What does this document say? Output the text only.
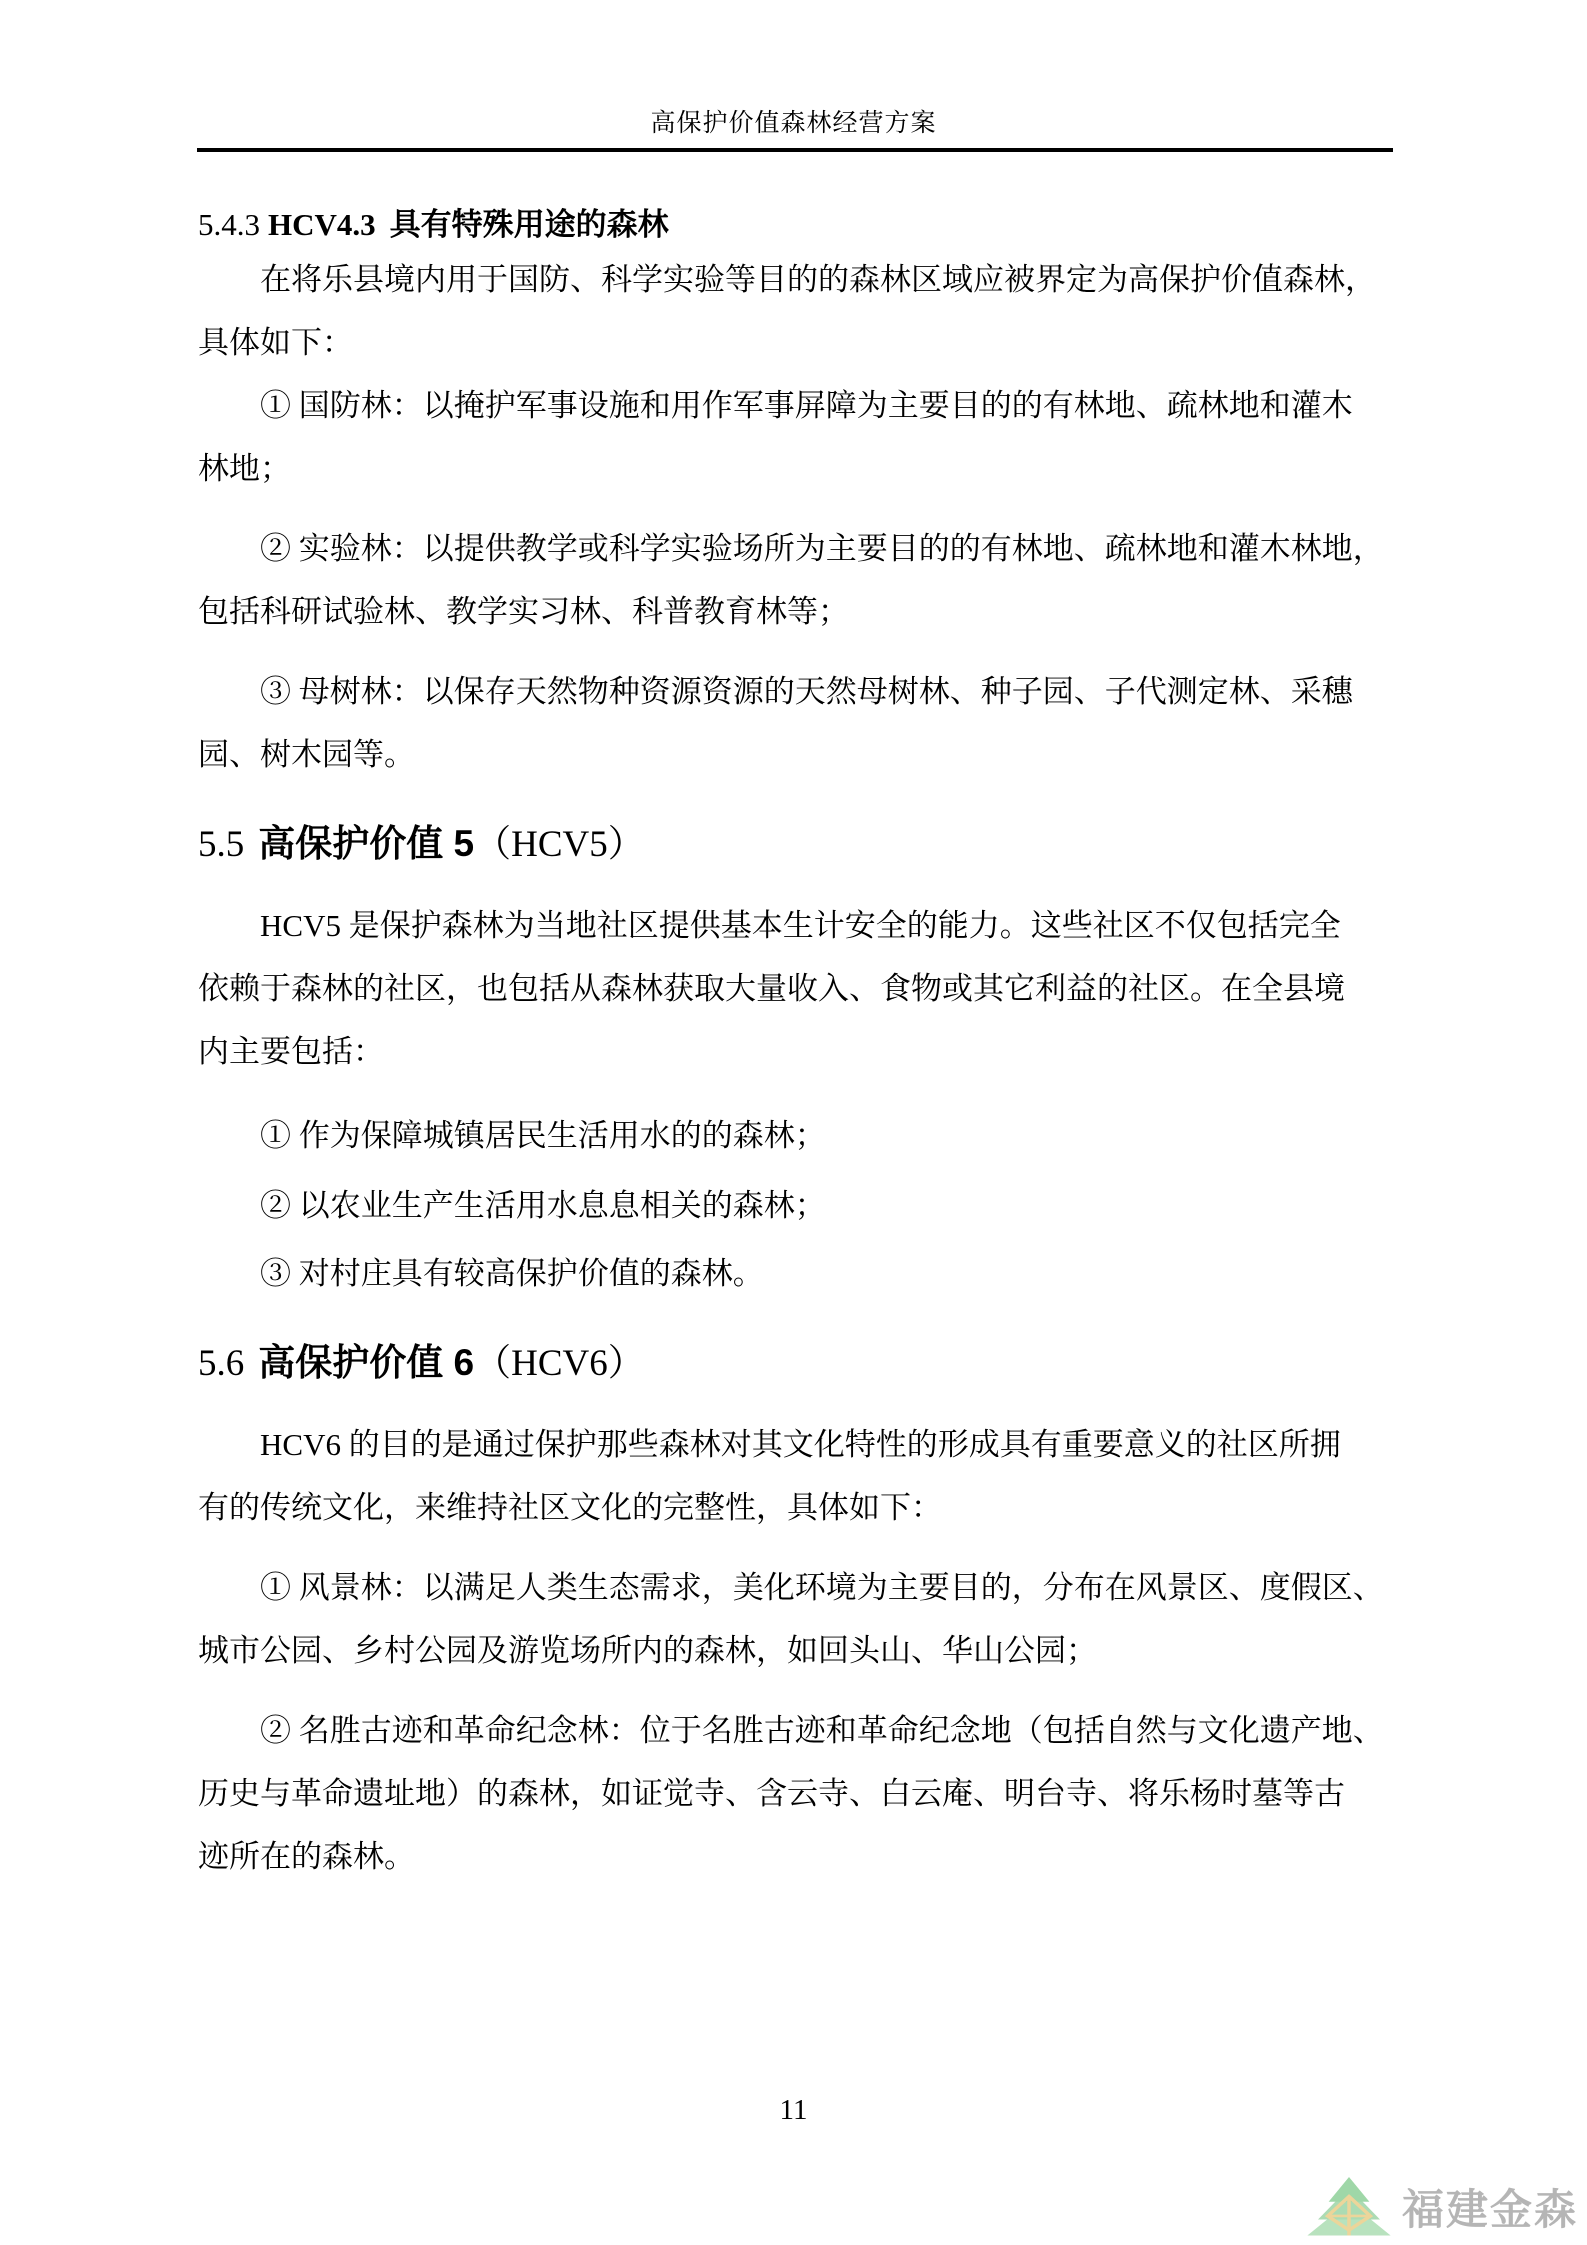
高保护价值森林经营方案
5.4.3 HCV4.3 具有特殊用途的森林
在将乐县境内用于国防、科学实验等目的的森林区域应被界定为高保护价值森林，
具体如下：
① 国防林：以掩护军事设施和用作军事屏障为主要目的的有林地、疏林地和灌木
林地；
② 实验林：以提供教学或科学实验场所为主要目的的有林地、疏林地和灌木林地，
包括科研试验林、教学实习林、科普教育林等；
③ 母树林：以保存天然物种资源资源的天然母树林、种子园、子代测定林、采穗
园、树木园等。
5.5 高保护价值 5（HCV5）
HCV5 是保护森林为当地社区提供基本生计安全的能力。这些社区不仅包括完全
依赖于森林的社区，也包括从森林获取大量收入、食物或其它利益的社区。在全县境
内主要包括：
① 作为保障城镇居民生活用水的的森林；
② 以农业生产生活用水息息相关的森林；
③ 对村庄具有较高保护价值的森林。
5.6 高保护价值 6（HCV6）
HCV6 的目的是通过保护那些森林对其文化特性的形成具有重要意义的社区所拥
有的传统文化，来维持社区文化的完整性，具体如下：
① 风景林：以满足人类生态需求，美化环境为主要目的，分布在风景区、度假区、
城市公园、乡村公园及游览场所内的森林，如回头山、华山公园；
② 名胜古迹和革命纪念林：位于名胜古迹和革命纪念地（包括自然与文化遗产地、
历史与革命遗址地）的森林，如证觉寺、含云寺、白云庵、明台寺、将乐杨时墓等古
迹所在的森林。
11
福建金森
